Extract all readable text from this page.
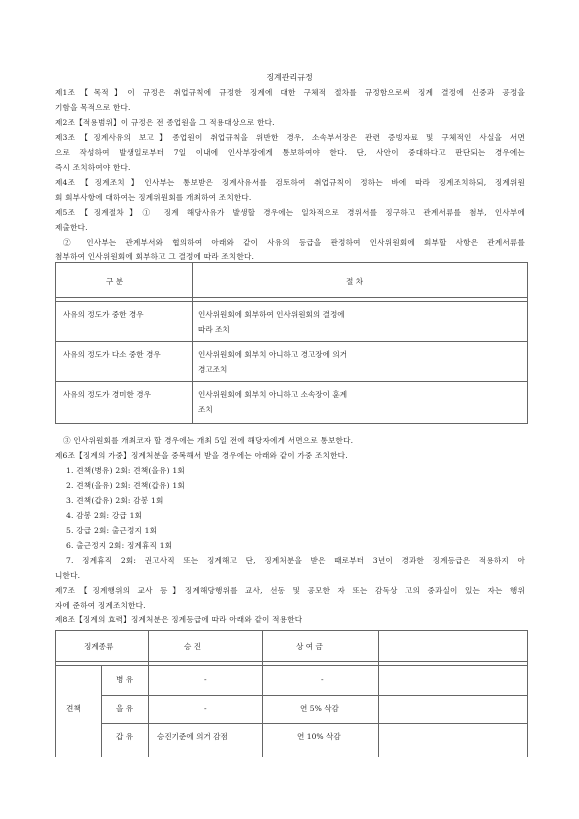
징계관리규정
제1조【목적】이 규정은 취업규칙에 규정한 징계에 대한 구체적 절차를 규정함으로써 징계 결정에 신중과 공정을
기함을 목적으로 한다.
제2조【적용범위】이 규정은 전 종업원을 그 적용대상으로 한다.
제3조【징계사유의 보고】종업원이 취업규칙을 위반한 경우, 소속부서장은 관련 증빙자료 및 구체적인 사실을 서면
으로 작성하여 발생일로부터 7일 이내에 인사부장에게 통보하여야 한다. 단, 사안이 중대하다고 판단되는 경우에는
즉시 조치하여야 한다.
제4조【징계조치】인사부는 통보받은 징계사유서를 검토하여 취업규칙이 정하는 바에 따라 징계조치하되, 징계위원
회 회부사항에 대하여는 징계위원회를 개최하여 조치한다.
제5조【징계절차】① 징계 해당사유가 발생할 경우에는 일차적으로 경위서를 징구하고 관계서류를 첨부, 인사부에
제출한다.
② 인사부는 관계부서와 협의하여 아래와 같이 사유의 등급을 판정하여 인사위원회에 회부할 사항은 관계서류를
첨부하여 인사위원회에 회부하고 그 결정에 따라 조치한다.
구 분	절 차
사유의 정도가 중한 경우	인사위원회에 회부하여 인사위원회의 결정에
따라 조치
사유의 정도가 다소 중한 경우	인사위원회에 회부치 아니하고 경고장에 의거
경고조치
사유의 정도가 경미한 경우	인사위원회에 회부치 아니하고 소속장이 훈계
조치
③ 인사위원회를 개최코자 할 경우에는 개최 5일 전에 해당자에게 서면으로 통보한다.
제6조【징계의 가중】징계처분을 중복해서 받을 경우에는 아래와 같이 가중 조치한다.
1. 견책(병유) 2회: 견책(을유) 1회
2. 견책(을유) 2회: 견책(갑유) 1회
3. 견책(갑유) 2회: 감봉 1회
4. 감봉 2회: 강급 1회
5. 강급 2회: 출근정지 1회
6. 출근정지 2회: 징계휴직 1회
7. 징계휴직 2회: 권고사직 또는 징계해고 단, 징계처분을 받은 때로부터 3년이 경과한 징계등급은 적용하지 아
니한다.
제7조【징계행위의 교사 등】징계해당행위를 교사, 선동 및 공모한 자 또는 감독상 고의 중과실이 있는 자는 행위
자에 준하여 징계조치한다.
제8조【징계의 효력】징계처분은 징계등급에 따라 아래와 같이 적용한다
징계종류	승 진	상 여 금
견책
병 유	-	-
을 유	-	연 5% 삭감
갑 유	승진기준에 의거 감점	연 10% 삭감
